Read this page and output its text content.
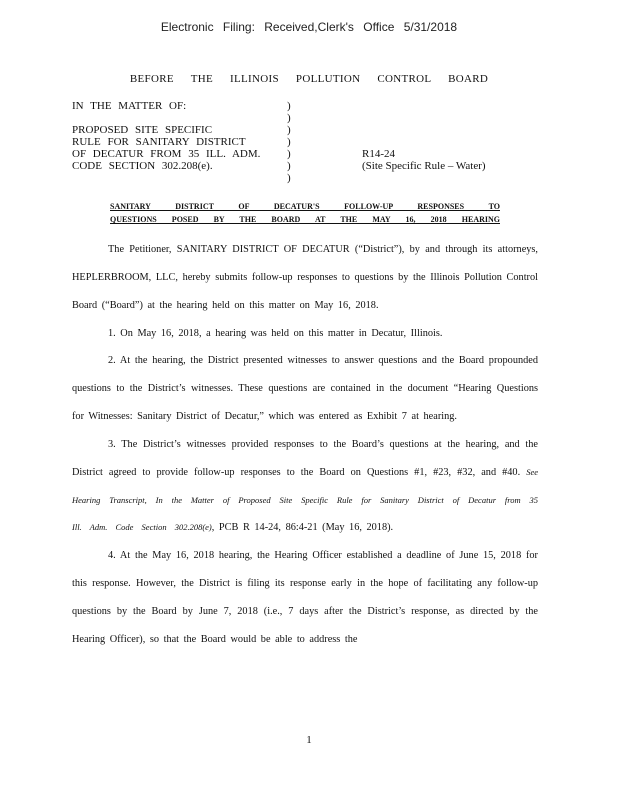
Electronic Filing: Received,Clerk's Office 5/31/2018
BEFORE THE ILLINOIS POLLUTION CONTROL BOARD
IN THE MATTER OF:
PROPOSED SITE SPECIFIC
RULE FOR SANITARY DISTRICT
OF DECATUR FROM 35 ILL. ADM.
CODE SECTION 302.208(e).
)
)
)
)
)
)
)
R14-24
(Site Specific Rule – Water)
SANITARY DISTRICT OF DECATUR'S FOLLOW-UP RESPONSES TO
QUESTIONS POSED BY THE BOARD AT THE MAY 16, 2018 HEARING

The Petitioner, SANITARY DISTRICT OF DECATUR (“District”), by and through its attorneys, HEPLERBROOM, LLC, hereby submits follow-up responses to questions by the Illinois Pollution Control Board (“Board”) at the hearing held on this matter on May 16, 2018.

1. On May 16, 2018, a hearing was held on this matter in Decatur, Illinois.

2. At the hearing, the District presented witnesses to answer questions and the Board propounded questions to the District’s witnesses. These questions are contained in the document “Hearing Questions for Witnesses: Sanitary District of Decatur,” which was entered as Exhibit 7 at hearing.

3. The District’s witnesses provided responses to the Board’s questions at the hearing, and the District agreed to provide follow-up responses to the Board on Questions #1, #23, #32, and #40. See Hearing Transcript, In the Matter of Proposed Site Specific Rule for Sanitary District of Decatur from 35 Ill. Adm. Code Section 302.208(e), PCB R 14-24, 86:4-21 (May 16, 2018).

4. At the May 16, 2018 hearing, the Hearing Officer established a deadline of June 15, 2018 for this response. However, the District is filing its response early in the hope of facilitating any follow-up questions by the Board by June 7, 2018 (i.e., 7 days after the District’s response, as directed by the Hearing Officer), so that the Board would be able to address the

1
